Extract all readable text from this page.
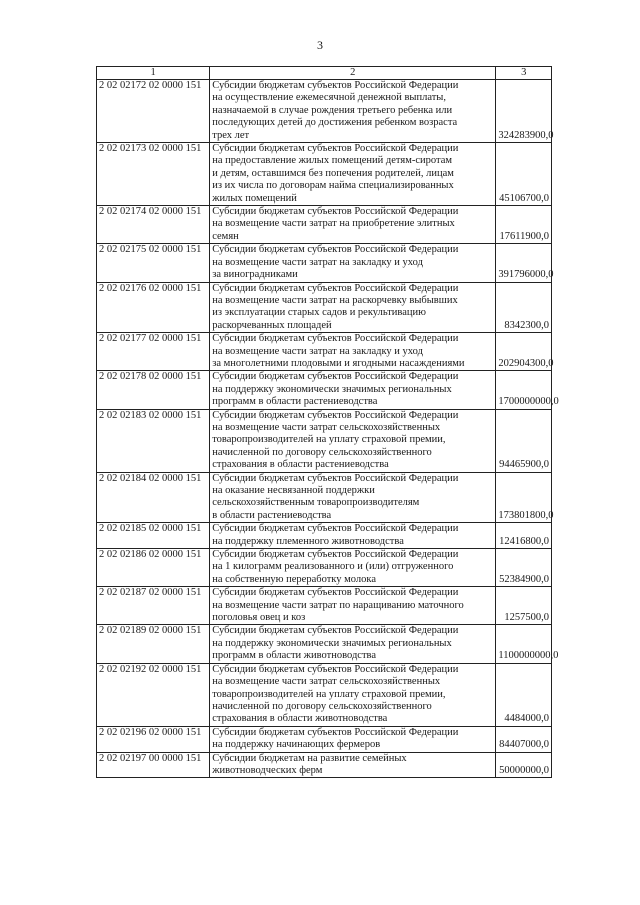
3
1	2	3
2 02 02172 02 0000 151	Субсидии бюджетам субъектов Российской Федерации
на осуществление ежемесячной денежной выплаты,
назначаемой в случае рождения третьего ребенка или
последующих детей до достижения ребенком возраста
трех лет	324283900,0
2 02 02173 02 0000 151	Субсидии бюджетам субъектов Российской Федерации
на предоставление жилых помещений детям-сиротам
и детям, оставшимся без попечения родителей, лицам
из их числа по договорам найма специализированных
жилых помещений	45106700,0
2 02 02174 02 0000 151	Субсидии бюджетам субъектов Российской Федерации
на возмещение части затрат на приобретение элитных
семян	17611900,0
2 02 02175 02 0000 151	Субсидии бюджетам субъектов Российской Федерации
на возмещение части затрат на закладку и уход
за виноградниками	391796000,0
2 02 02176 02 0000 151	Субсидии бюджетам субъектов Российской Федерации
на возмещение части затрат на раскорчевку выбывших
из эксплуатации старых садов и рекультивацию
раскорчеванных площадей	8342300,0
2 02 02177 02 0000 151	Субсидии бюджетам субъектов Российской Федерации
на возмещение части затрат на закладку и уход
за многолетними плодовыми и ягодными насаждениями	202904300,0
2 02 02178 02 0000 151	Субсидии бюджетам субъектов Российской Федерации
на поддержку экономически значимых региональных
программ в области растениеводства	1700000000,0
2 02 02183 02 0000 151	Субсидии бюджетам субъектов Российской Федерации
на возмещение части затрат сельскохозяйственных
товаропроизводителей на уплату страховой премии,
начисленной по договору сельскохозяйственного
страхования в области растениеводства	94465900,0
2 02 02184 02 0000 151	Субсидии бюджетам субъектов Российской Федерации
на оказание несвязанной поддержки
сельскохозяйственным товаропроизводителям
в области растениеводства	173801800,0
2 02 02185 02 0000 151	Субсидии бюджетам субъектов Российской Федерации
на поддержку племенного животноводства	12416800,0
2 02 02186 02 0000 151	Субсидии бюджетам субъектов Российской Федерации
на 1 килограмм реализованного и (или) отгруженного
на собственную переработку молока	52384900,0
2 02 02187 02 0000 151	Субсидии бюджетам субъектов Российской Федерации
на возмещение части затрат по наращиванию маточного
поголовья овец и коз	1257500,0
2 02 02189 02 0000 151	Субсидии бюджетам субъектов Российской Федерации
на поддержку экономически значимых региональных
программ в области животноводства	1100000000,0
2 02 02192 02 0000 151	Субсидии бюджетам субъектов Российской Федерации
на возмещение части затрат сельскохозяйственных
товаропроизводителей на уплату страховой премии,
начисленной по договору сельскохозяйственного
страхования в области животноводства	4484000,0
2 02 02196 02 0000 151	Субсидии бюджетам субъектов Российской Федерации
на поддержку начинающих фермеров	84407000,0
2 02 02197 00 0000 151	Субсидии бюджетам на развитие семейных
животноводческих ферм	50000000,0
